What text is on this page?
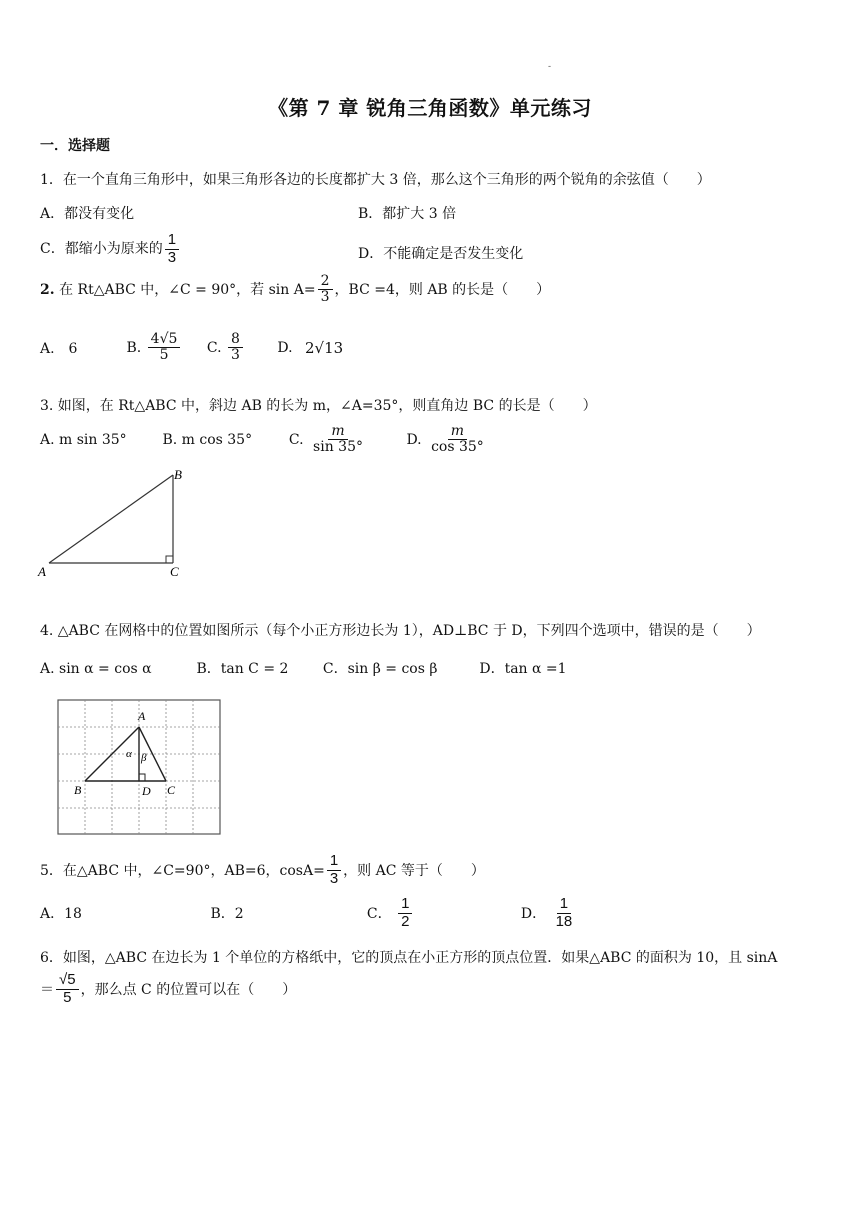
-
《第 7 章 锐角三角函数》单元练习
一．选择题
1．在一个直角三角形中，如果三角形各边的长度都扩大 3 倍，那么这个三角形的两个锐角的余弦值（　　）
A．都没有变化	B．都扩大 3 倍
C．都缩小为原来的 $\frac{1}{3}$	D．不能确定是否发生变化
2. 在 Rt△ABC 中，∠C = 90°，若 $\sin A= \frac{2}{3}$ ，BC =4，则 AB 的长是（　　）
A.　6	B. $\frac{4√5}{5} C$. $\frac{8}{3} D$. 2√13
3. 如图，在 Rt△ABC 中，斜边 AB 的长为 m，∠A=35°，则直角边 BC 的长是（　　）
A. m sin 35°	B. m cos 35°	C. $\frac{m}{\sin 35^\circ}$	D. $\frac{m}{\cos 35^\circ}$
B
A	C
4. △ABC 在网格中的位置如图所示（每个小正方形边长为 1），AD⊥BC 于 D，下列四个选项中，错误的是（　　）
A. sin α = cos α	B．tan C = 2 C．sin β = cos β	D．tan α =1
A
B	D C
α β
5．在△ABC 中，∠C=90°，AB=6，$\cos A= \frac{1}{3}$ ，则 AC 等于（　　）
A．18	B．2	C． $\frac{1}{2}$	D． $\frac{1}{18}$
6．如图，△ABC 在边长为 1 个单位的方格纸中，它的顶点在小正方形的顶点位置．如果△ABC 的面积为 10，且 sinA
＝ $\frac{√5}{5}$ ，那么点 C 的位置可以在（　　）
